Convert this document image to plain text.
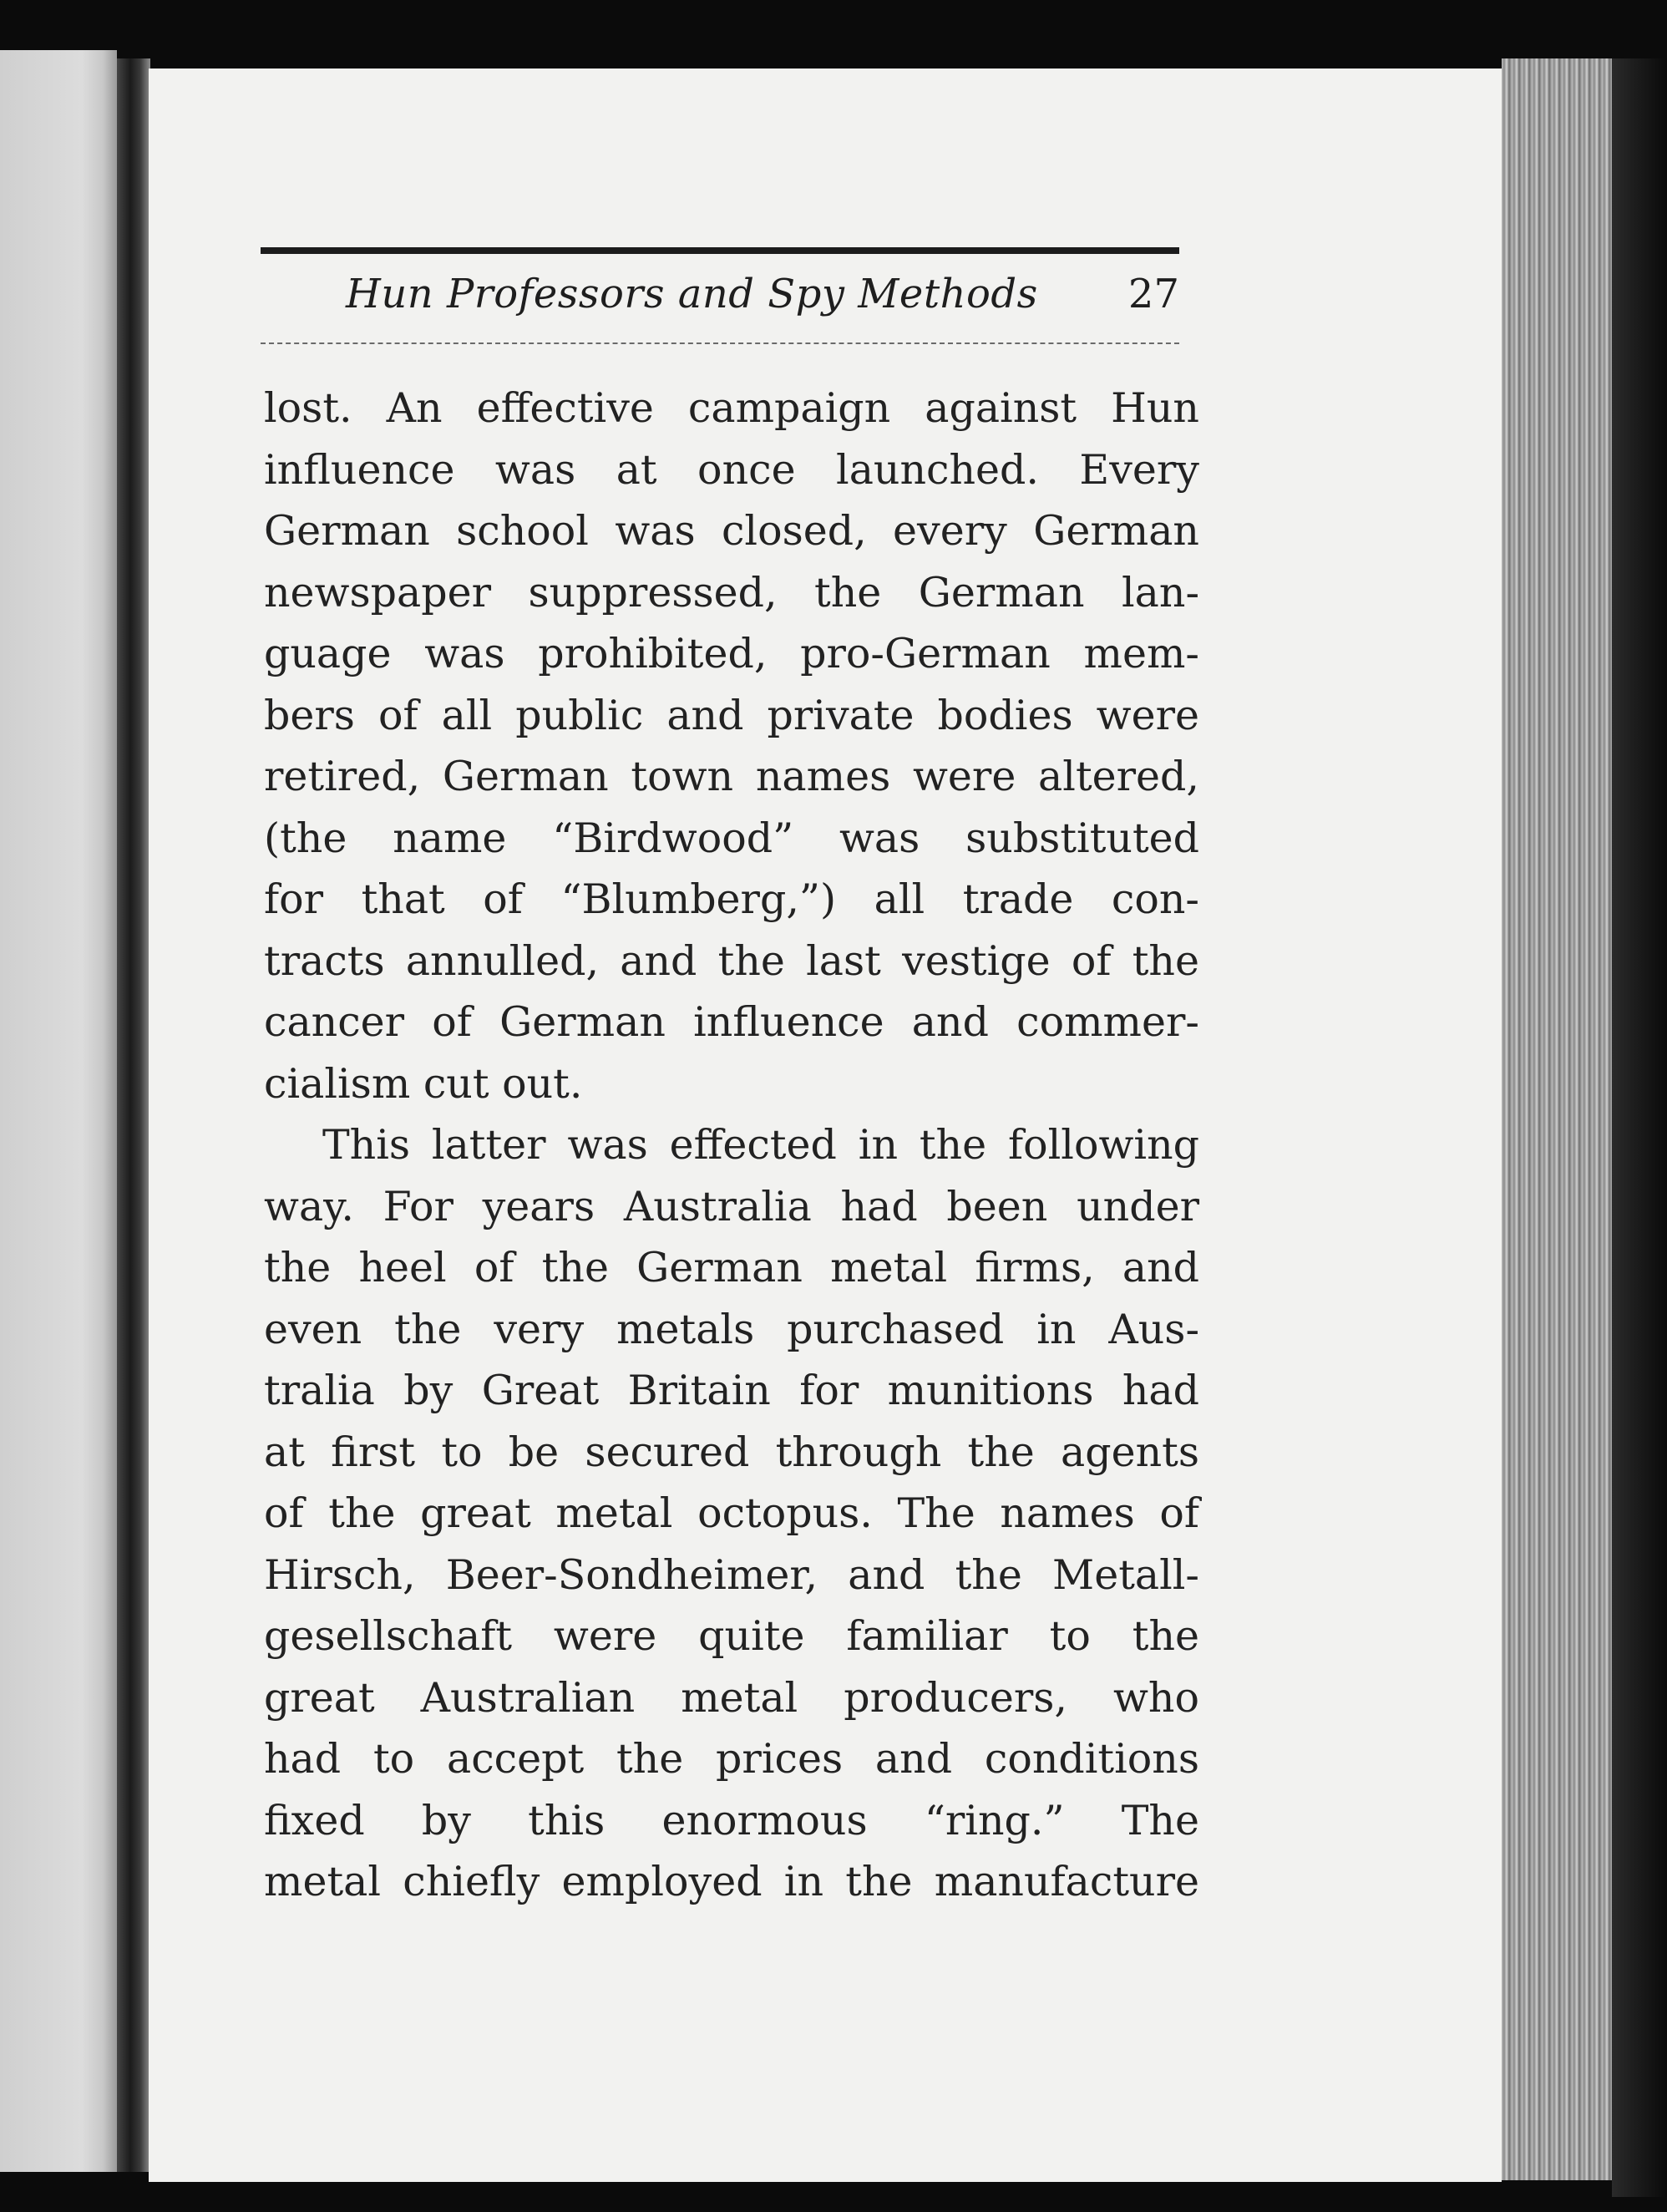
Hun Professors and Spy Methods 27
lost. An effective campaign against Hun
influence was at once launched. Every
German school was closed, every German
newspaper suppressed, the German lan-
guage was prohibited, pro-German mem-
bers of all public and private bodies were
retired, German town names were altered,
(the name “Birdwood” was substituted
for that of “Blumberg,”) all trade con-
tracts annulled, and the last vestige of the
cancer of German influence and commer-
cialism cut out.
This latter was effected in the following
way. For years Australia had been under
the heel of the German metal firms, and
even the very metals purchased in Aus-
tralia by Great Britain for munitions had
at first to be secured through the agents
of the great metal octopus. The names of
Hirsch, Beer-Sondheimer, and the Metall-
gesellschaft were quite familiar to the
great Australian metal producers, who
had to accept the prices and conditions
fixed by this enormous “ring.” The
metal chiefly employed in the manufacture
